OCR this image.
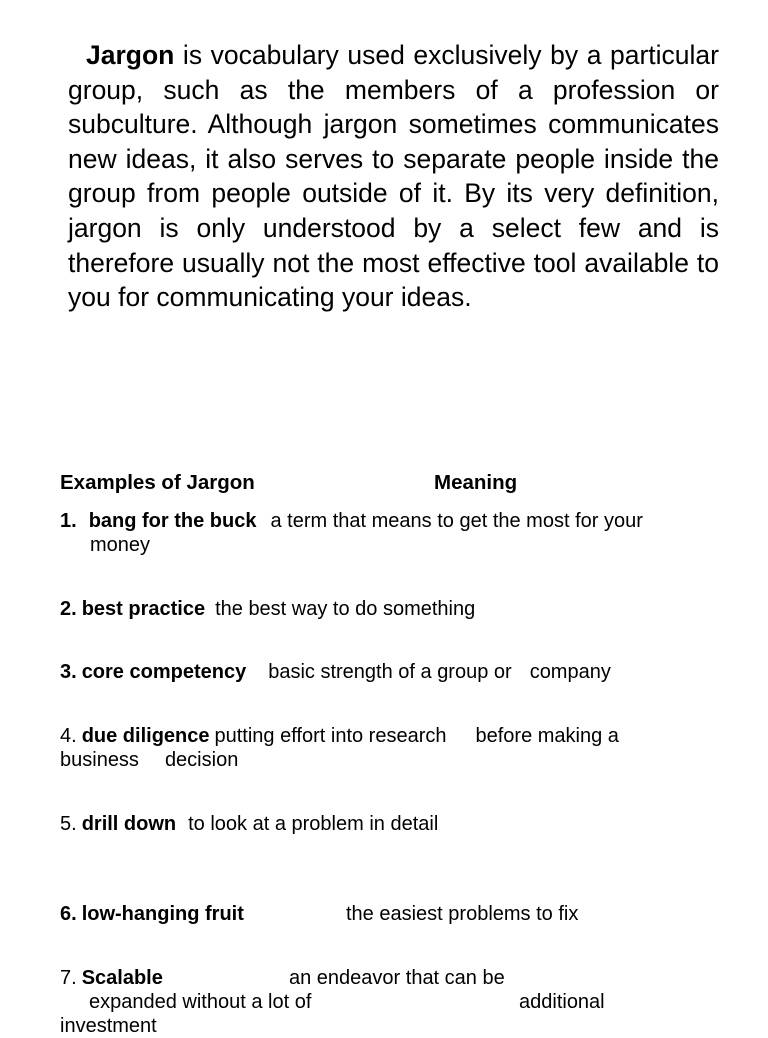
Jargon is vocabulary used exclusively by a particular group, such as the members of a profession or subculture. Although jargon sometimes communicates new ideas, it also serves to separate people inside the group from people outside of it. By its very definition, jargon is only understood by a select few and is therefore usually not the most effective tool available to you for communicating your ideas.

Examples of Jargon	Meaning
1. bang for the buck a term that means to get the most for your
money
2. best practice the best way to do something
3. core competency basic strength of a group or company
4. due diligence putting effort into research before making a
business decision
5. drill down to look at a problem in detail
6. low-hanging fruit	the easiest problems to fix
7. Scalable	an endeavor that can be
expanded without a lot of	additional
investment
